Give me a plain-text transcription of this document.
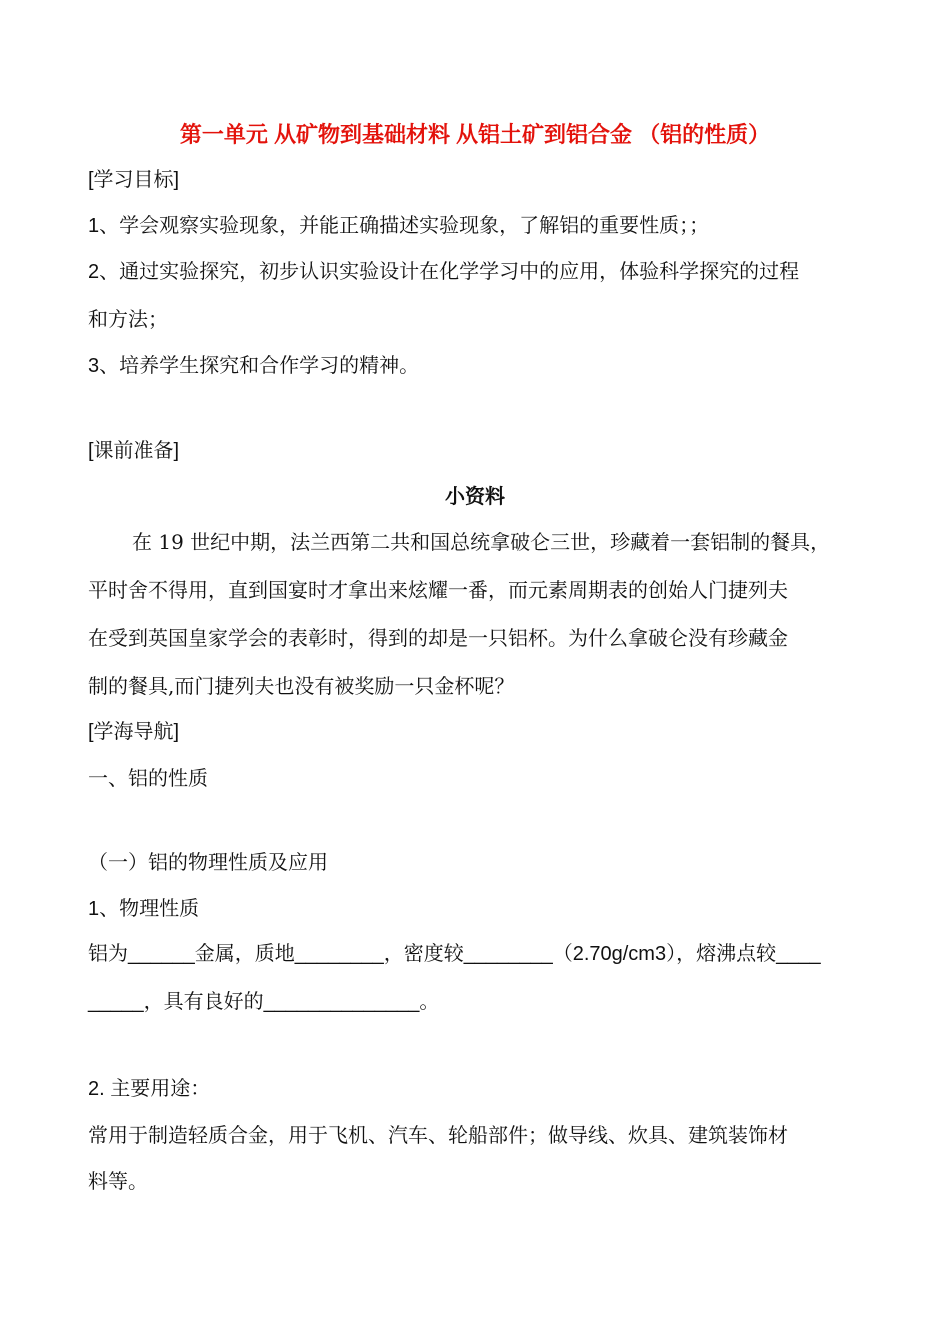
第一单元 从矿物到基础材料 从铝土矿到铝合金 （铝的性质）

[学习目标]

1、学会观察实验现象，并能正确描述实验现象，了解铝的重要性质；；

2、通过实验探究，初步认识实验设计在化学学习中的应用，体验科学探究的过程

和方法；

3、培养学生探究和合作学习的精神。

[课前准备]

小资料

在 19 世纪中期，法兰西第二共和国总统拿破仑三世，珍藏着一套铝制的餐具，

平时舍不得用，直到国宴时才拿出来炫耀一番，而元素周期表的创始人门捷列夫

在受到英国皇家学会的表彰时，得到的却是一只铝杯。为什么拿破仑没有珍藏金

制的餐具,而门捷列夫也没有被奖励一只金杯呢？

[学海导航]

一、铝的性质

（一）铝的物理性质及应用

1、物理性质

铝为______金属，质地________，密度较________（2.70g/cm3），熔沸点较____

_____，具有良好的______________。

2. 主要用途：

常用于制造轻质合金，用于飞机、汽车、轮船部件；做导线、炊具、建筑装饰材

料等。
